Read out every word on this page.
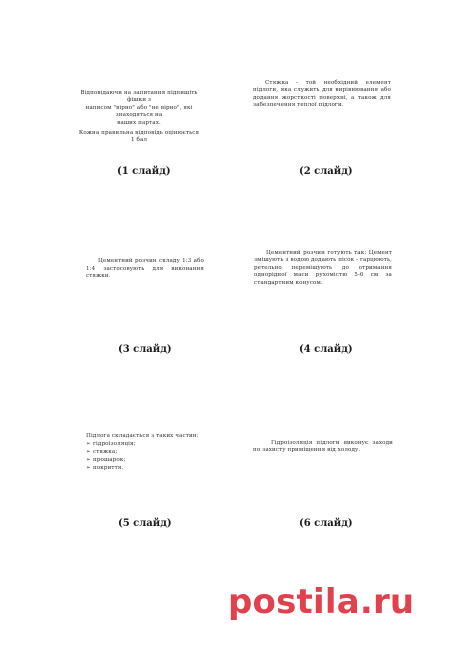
Відповідаючи на запитання підпишіть фішки з

написом "вірно" або "не вірно", які знаходяться на

ваших партах.

Кожна правильна відповідь оцінюється 1 бал

(1 слайд)

Стяжка - той необхідний елемент підлоги, яка служить для вирівнювання або додання жорсткості поверхні, а також для забезпечення теплої підлоги.

(2 слайд)

Цементний розчин складу 1:3 або 1:4 застосовують для виконання стяжки.

(3 слайд)

Цементний розчин готують так: Цемент змішують з водою додають пісок - гарцюють, ретельно перемішують до отримання однорідної маси рухомістю 5-6 см за стандартним конусом.

(4 слайд)

Підлога складається з таких частин:

➢ гідроізоляція;
➢ стяжка;
➢ прошарок;
➢ покриття.
(5 слайд)

Гідроізоляція підлоги виконує заходи по захисту приміщення від холоду.

(6 слайд)
postila.ru
